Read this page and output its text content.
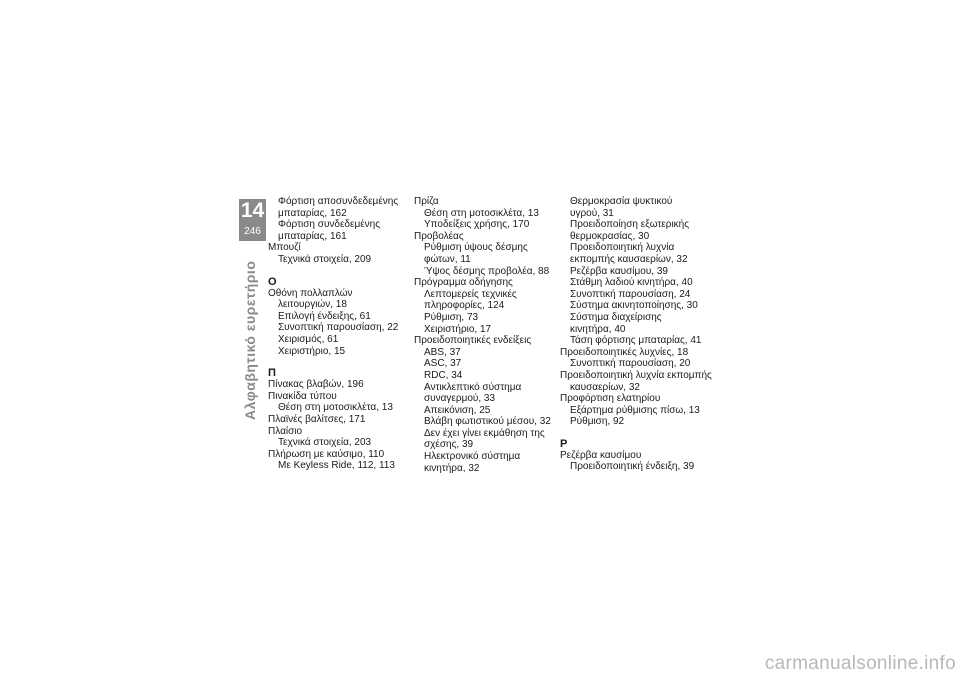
14
246
Αλφαβητικό ευρετήριο
Φόρτιση αποσυνδεδεμένης
μπαταρίας, 162
Φόρτιση συνδεδεμένης
μπαταρίας, 161
Μπουζί
Τεχνικά στοιχεία, 209
Ο
Οθόνη πολλαπλών
λειτουργιών, 18
Επιλογή ένδειξης, 61
Συνοπτική παρουσίαση, 22
Χειρισμός, 61
Χειριστήριο, 15
Π
Πίνακας βλαβών, 196
Πινακίδα τύπου
Θέση στη μοτοσικλέτα, 13
Πλαϊνές βαλίτσες, 171
Πλαίσιο
Τεχνικά στοιχεία, 203
Πλήρωση με καύσιμο, 110
Με Keyless Ride, 112, 113
Πρίζα
Θέση στη μοτοσικλέτα, 13
Υποδείξεις χρήσης, 170
Προβολέας
Ρύθμιση ύψους δέσμης
φώτων, 11
Ύψος δέσμης προβολέα, 88
Πρόγραμμα οδήγησης
Λεπτομερείς τεχνικές
πληροφορίες, 124
Ρύθμιση, 73
Χειριστήριο, 17
Προειδοποιητικές ενδείξεις
ABS, 37
ASC, 37
RDC, 34
Αντικλεπτικό σύστημα
συναγερμού, 33
Απεικόνιση, 25
Βλάβη φωτιστικού μέσου, 32
Δεν έχει γίνει εκμάθηση της
σχέσης, 39
Ηλεκτρονικό σύστημα
κινητήρα, 32
Θερμοκρασία ψυκτικού
υγρού, 31
Προειδοποίηση εξωτερικής
θερμοκρασίας, 30
Προειδοποιητική λυχνία
εκπομπής καυσαερίων, 32
Ρεζέρβα καυσίμου, 39
Στάθμη λαδιού κινητήρα, 40
Συνοπτική παρουσίαση, 24
Σύστημα ακινητοποίησης, 30
Σύστημα διαχείρισης
κινητήρα, 40
Τάση φόρτισης μπαταρίας, 41
Προειδοποιητικές λυχνίες, 18
Συνοπτική παρουσίαση, 20
Προειδοποιητική λυχνία εκπομπής
καυσαερίων, 32
Προφόρτιση ελατηρίου
Εξάρτημα ρύθμισης πίσω, 13
Ρύθμιση, 92
Ρ
Ρεζέρβα καυσίμου
Προειδοποιητική ένδειξη, 39
carmanualsonline.info
